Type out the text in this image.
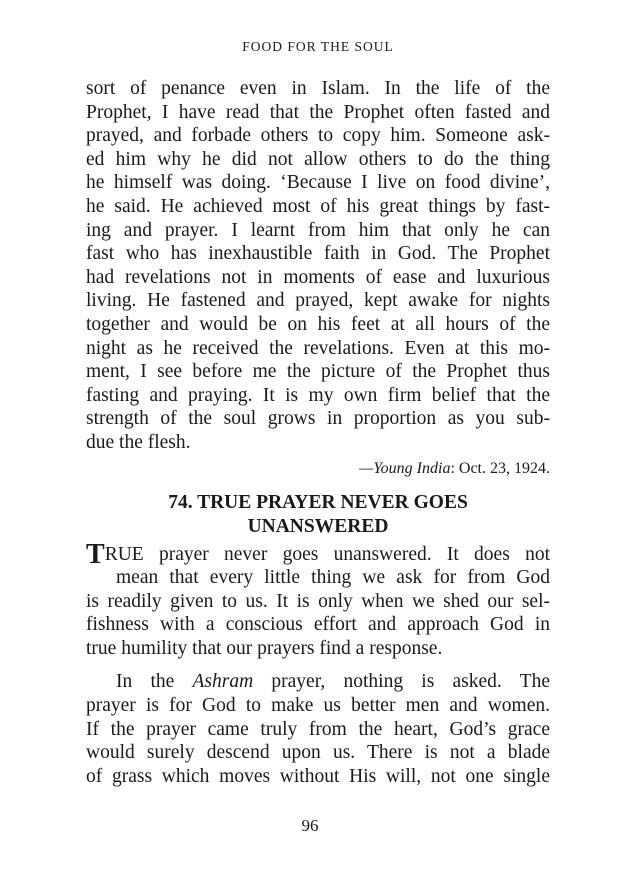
FOOD FOR THE SOUL

sort of penance even in Islam. In the life of the
Prophet, I have read that the Prophet often fasted and
prayed, and forbade others to copy him. Someone ask-
ed him why he did not allow others to do the thing
he himself was doing. ‘Because I live on food divine’,
he said. He achieved most of his great things by fast-
ing and prayer. I learnt from him that only he can
fast who has inexhaustible faith in God. The Prophet
had revelations not in moments of ease and luxurious
living. He fastened and prayed, kept awake for nights
together and would be on his feet at all hours of the
night as he received the revelations. Even at this mo-
ment, I see before me the picture of the Prophet thus
fasting and praying. It is my own firm belief that the
strength of the soul grows in proportion as you sub-
due the flesh.

—Young India: Oct. 23, 1924.
74. TRUE PRAYER NEVER GOES
UNANSWERED

TRUE prayer never goes unanswered. It does not
mean that every little thing we ask for from God
is readily given to us. It is only when we shed our sel-
fishness with a conscious effort and approach God in
true humility that our prayers find a response.

In the Ashram prayer, nothing is asked. The
prayer is for God to make us better men and women.
If the prayer came truly from the heart, God’s grace
would surely descend upon us. There is not a blade
of grass which moves without His will, not one single

96
